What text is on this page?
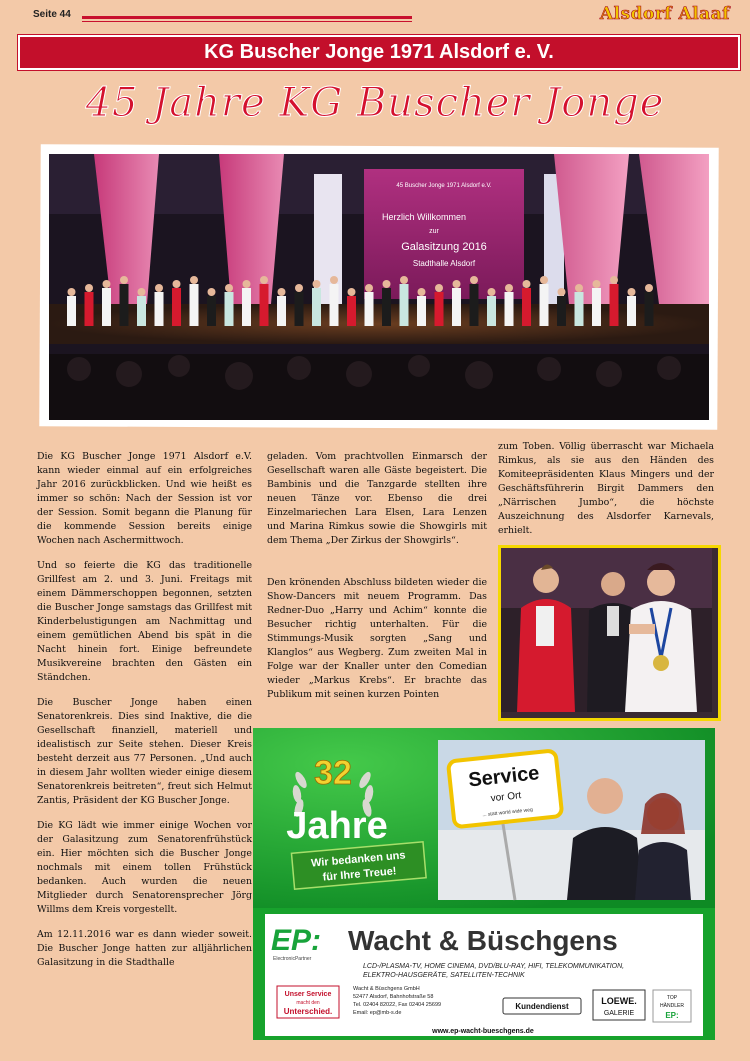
Seite 44	Alsdorf Alaaf
KG Buscher Jonge 1971 Alsdorf e. V.
45 Jahre KG Buscher Jonge
45 Buscher Jonge 1971 Alsdorf e.V.
Herzlich Willkommen
zur
Galasitzung 2016
Stadthalle Alsdorf

Die KG Buscher Jonge 1971 Alsdorf e.V. kann wieder einmal auf ein erfolgreiches Jahr 2016 zurückblicken. Und wie heißt es immer so schön: Nach der Session ist vor der Session. Somit begann die Planung für die kommende Session bereits einige Wochen nach Aschermittwoch.

Und so feierte die KG das traditionelle Grillfest am 2. und 3. Juni. Freitags mit einem Dämmerschoppen begonnen, setzten die Buscher Jonge samstags das Grillfest mit Kinderbelustigungen am Nachmittag und einem gemütlichen Abend bis spät in die Nacht hinein fort. Einige befreundete Musikvereine brachten den Gästen ein Ständchen.

Die Buscher Jonge haben einen Senatorenkreis. Dies sind Inaktive, die die Gesellschaft finanziell, materiell und idealistisch zur Seite stehen. Dieser Kreis besteht derzeit aus 77 Personen. „Und auch in diesem Jahr wollten wieder einige diesem Senatorenkreis beitreten“, freut sich Helmut Zantis, Präsident der KG Buscher Jonge.

Die KG lädt wie immer einige Wochen vor der Galasitzung zum Senatorenfrühstück ein. Hier möchten sich die Buscher Jonge nochmals mit einem tollen Frühstück bedanken. Auch wurden die neuen Mitglieder durch Senatorensprecher Jörg Willms dem Kreis vorgestellt.

Am 12.11.2016 war es dann wieder soweit. Die Buscher Jonge hatten zur alljährlichen Galasitzung in die Stadthalle

geladen. Vom prachtvollen Einmarsch der Gesellschaft waren alle Gäste begeistert. Die Bambinis und die Tanzgarde stellten ihre neuen Tänze vor. Ebenso die drei Einzelmariechen Lara Elsen, Lara Lenzen und Marina Rimkus sowie die Showgirls mit dem Thema „Der Zirkus der Showgirls“.

Den krönenden Abschluss bildeten wieder die Show-Dancers mit neuem Programm. Das Redner-Duo „Harry und Achim“ konnte die Besucher richtig unterhalten. Für die Stimmungs-Musik sorgten „Sang und Klanglos“ aus Wegberg. Zum zweiten Mal in Folge war der Knaller unter den Comedian wieder „Markus Krebs“. Er brachte das Publikum mit seinen kurzen Pointen

zum Toben. Völlig überrascht war Michaela Rimkus, als sie aus den Händen des Komiteepräsidenten Klaus Mingers und der Geschäftsführerin Birgit Dammers den „Närrischen Jumbo“, die höchste Auszeichnung des Alsdorfer Karnevals, erhielt.

32
Jahre
Wir bedanken uns
für Ihre Treue!
Service
vor Ort
... statt world wide weg
EP:
ElectronicPartner
Wacht & Büschgens
LCD-/PLASMA-TV, HOME CINEMA, DVD/BLU-RAY, HIFI, TELEKOMMUNIKATION,
ELEKTRO-HAUSGERÄTE, SATELLITEN-TECHNIK
Unser Service
macht den
Unterschied.
Wacht & Büschgens GmbH
52477 Alsdorf, Bahnhofstraße 58
Tel. 02404 82022, Fax 02404 25699
Email: ep@mb-s.de
Kundendienst
LOEWE.
GALERIE
TOP
HÄNDLER
EP:
www.ep-wacht-bueschgens.de
